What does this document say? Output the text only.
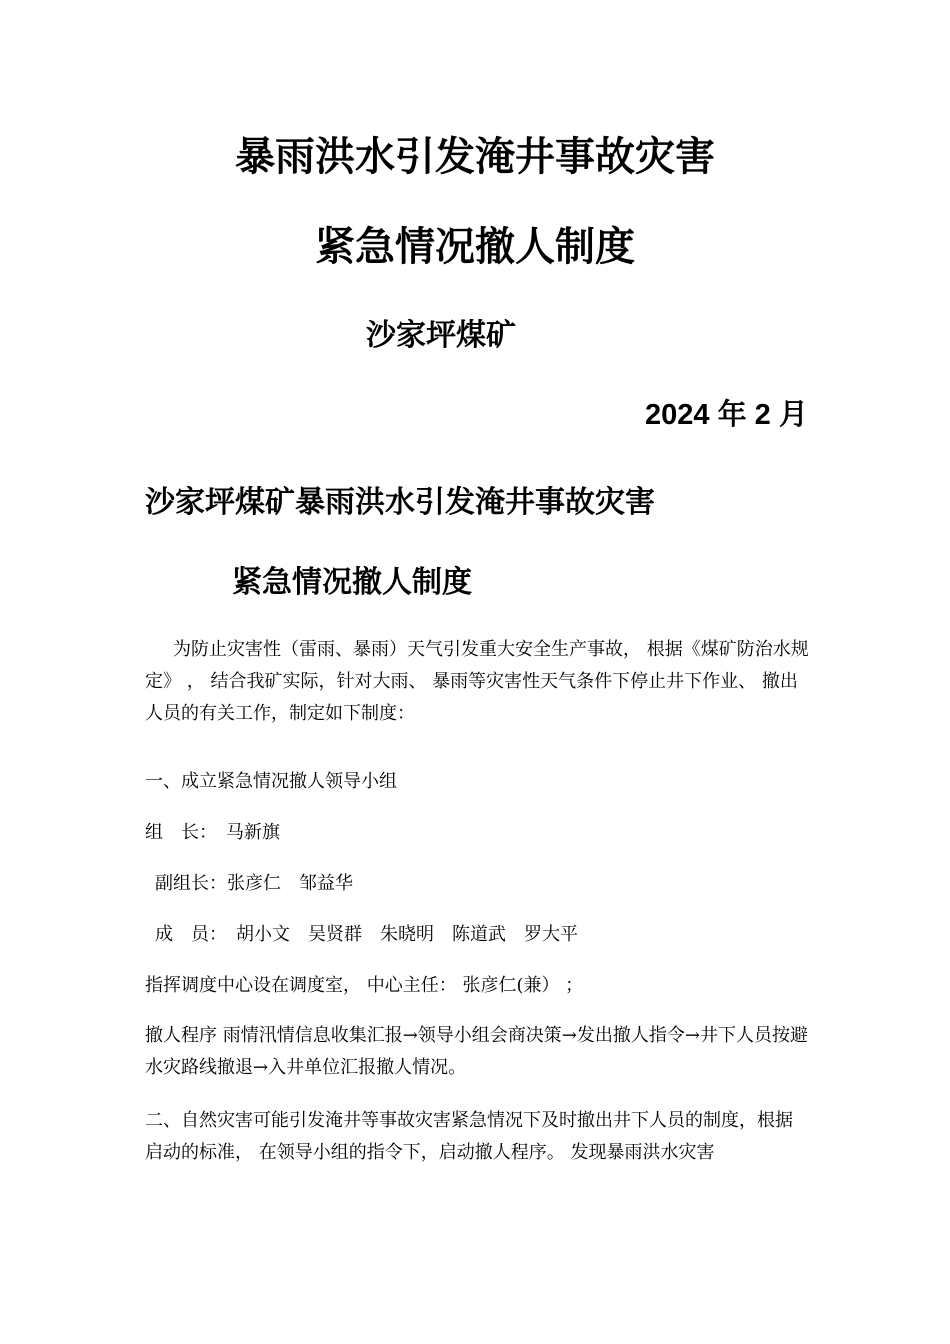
暴雨洪水引发淹井事故灾害
紧急情况撤人制度
沙家坪煤矿
2024 年 2 月
沙家坪煤矿暴雨洪水引发淹井事故灾害
紧急情况撤人制度
为防止灾害性（雷雨、暴雨）天气引发重大安全生产事故， 根据《煤矿防治水规定》 ， 结合我矿实际，针对大雨、 暴雨等灾害性天气条件下停止井下作业、 撤出人员的有关工作，制定如下制度：
一、成立紧急情况撤人领导小组
组　长：　马新旗
副组长：张彦仁　邹益华
成　员：　胡小文　吴贤群　朱晓明　陈道武　罗大平
指挥调度中心设在调度室， 中心主任： 张彦仁(兼） ；
撤人程序 雨情汛情信息收集汇报→领导小组会商决策→发出撤人指令→井下人员按避水灾路线撤退→入井单位汇报撤人情况。
二、自然灾害可能引发淹井等事故灾害紧急情况下及时撤出井下人员的制度，根据启动的标准， 在领导小组的指令下，启动撤人程序。 发现暴雨洪水灾害
